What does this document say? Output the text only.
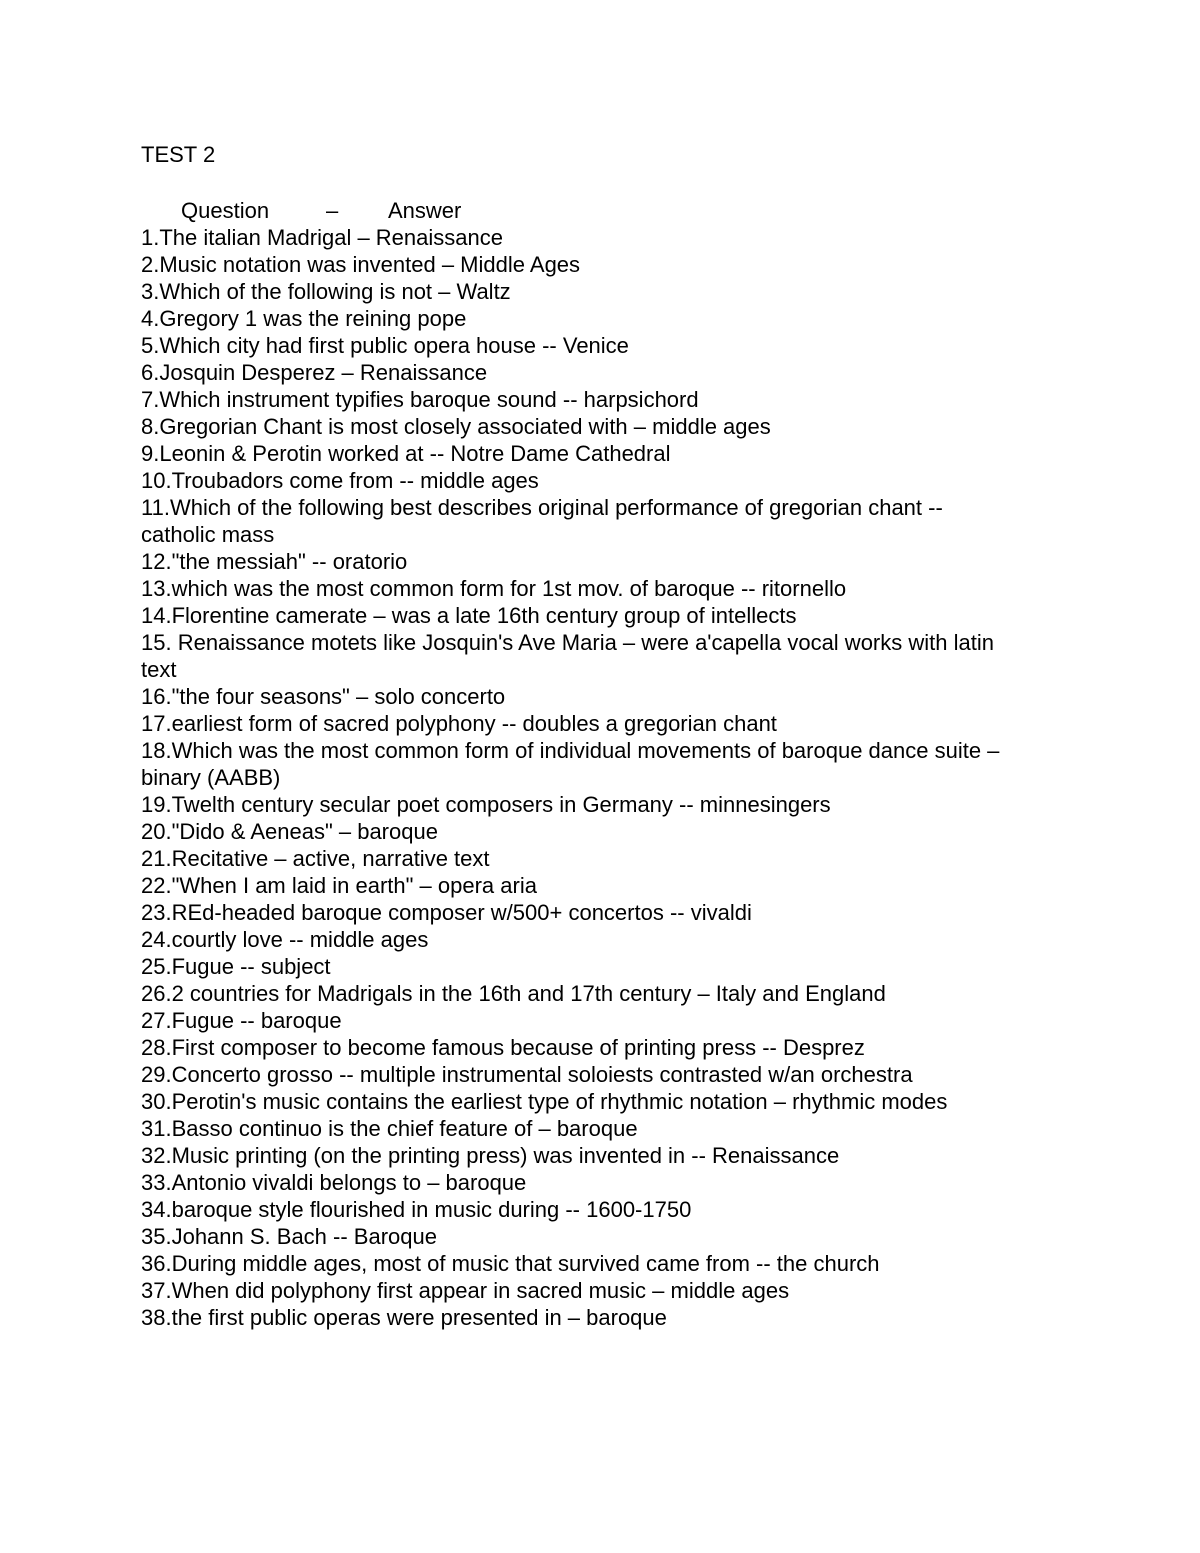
TEST 2
Question	–	Answer

1.The italian Madrigal – Renaissance

2.Music notation was invented – Middle Ages

3.Which of the following is not – Waltz

4.Gregory 1 was the reining pope

5.Which city had first public opera house -- Venice

6.Josquin Desperez – Renaissance

7.Which instrument typifies baroque sound -- harpsichord

8.Gregorian Chant is most closely associated with – middle ages

9.Leonin & Perotin worked at -- Notre Dame Cathedral

10.Troubadors come from -- middle ages

11.Which of the following best describes original performance of gregorian chant -- catholic mass

12."the messiah" -- oratorio

13.which was the most common form for 1st mov. of baroque -- ritornello

14.Florentine camerate – was a late 16th century group of intellects

15. Renaissance motets like Josquin's Ave Maria – were a'capella vocal works with latin text

16."the four seasons" – solo concerto

17.earliest form of sacred polyphony -- doubles a gregorian chant

18.Which was the most common form of individual movements of baroque dance suite – binary (AABB)

19.Twelth century secular poet composers in Germany -- minnesingers

20."Dido & Aeneas" – baroque

21.Recitative – active, narrative text

22."When I am laid in earth" – opera aria

23.REd-headed baroque composer w/500+ concertos -- vivaldi

24.courtly love -- middle ages

25.Fugue -- subject

26.2 countries for Madrigals in the 16th and 17th century – Italy and England

27.Fugue -- baroque

28.First composer to become famous because of printing press -- Desprez

29.Concerto grosso -- multiple instrumental soloiests contrasted w/an orchestra

30.Perotin's music contains the earliest type of rhythmic notation – rhythmic modes

31.Basso continuo is the chief feature of – baroque

32.Music printing (on the printing press) was invented in -- Renaissance

33.Antonio vivaldi belongs to – baroque

34.baroque style flourished in music during -- 1600-1750

35.Johann S. Bach -- Baroque

36.During middle ages, most of music that survived came from -- the church

37.When did polyphony first appear in sacred music – middle ages

38.the first public operas were presented in – baroque
